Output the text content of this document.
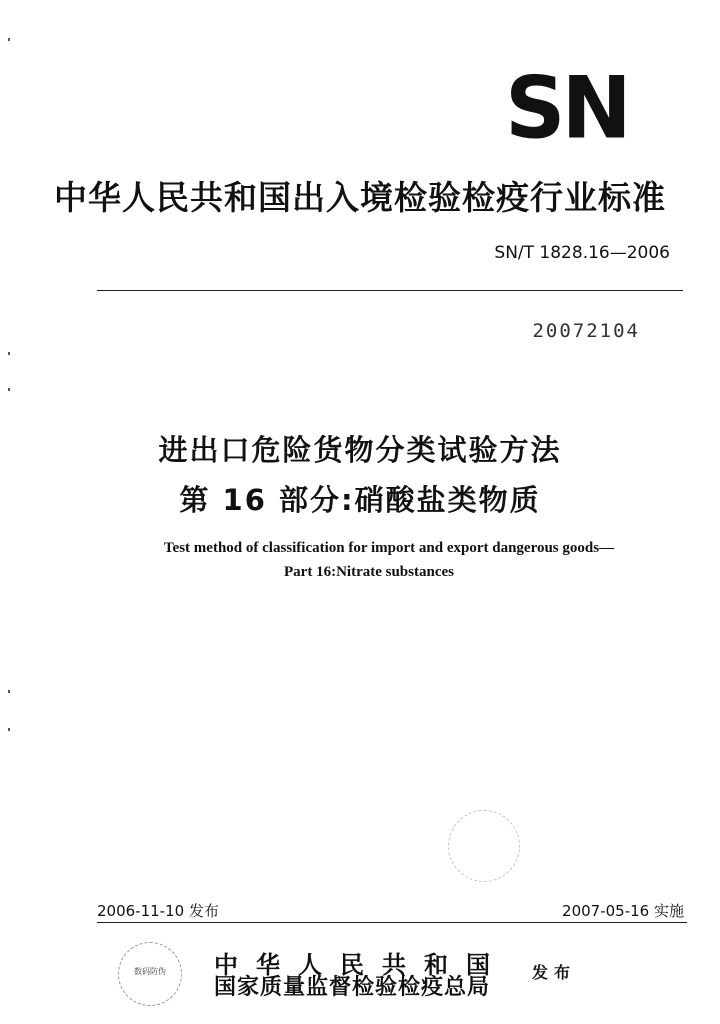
SN
中华人民共和国出入境检验检疫行业标准
SN/T 1828.16—2006
20072104
进出口危险货物分类试验方法
第 16 部分:硝酸盐类物质
Test method of classification for import and export dangerous goods—
Part 16:Nitrate substances
2006-11-10 发布	2007-05-16 实施
数码防伪	中华人民共和国
国家质量监督检验检疫总局
发布
